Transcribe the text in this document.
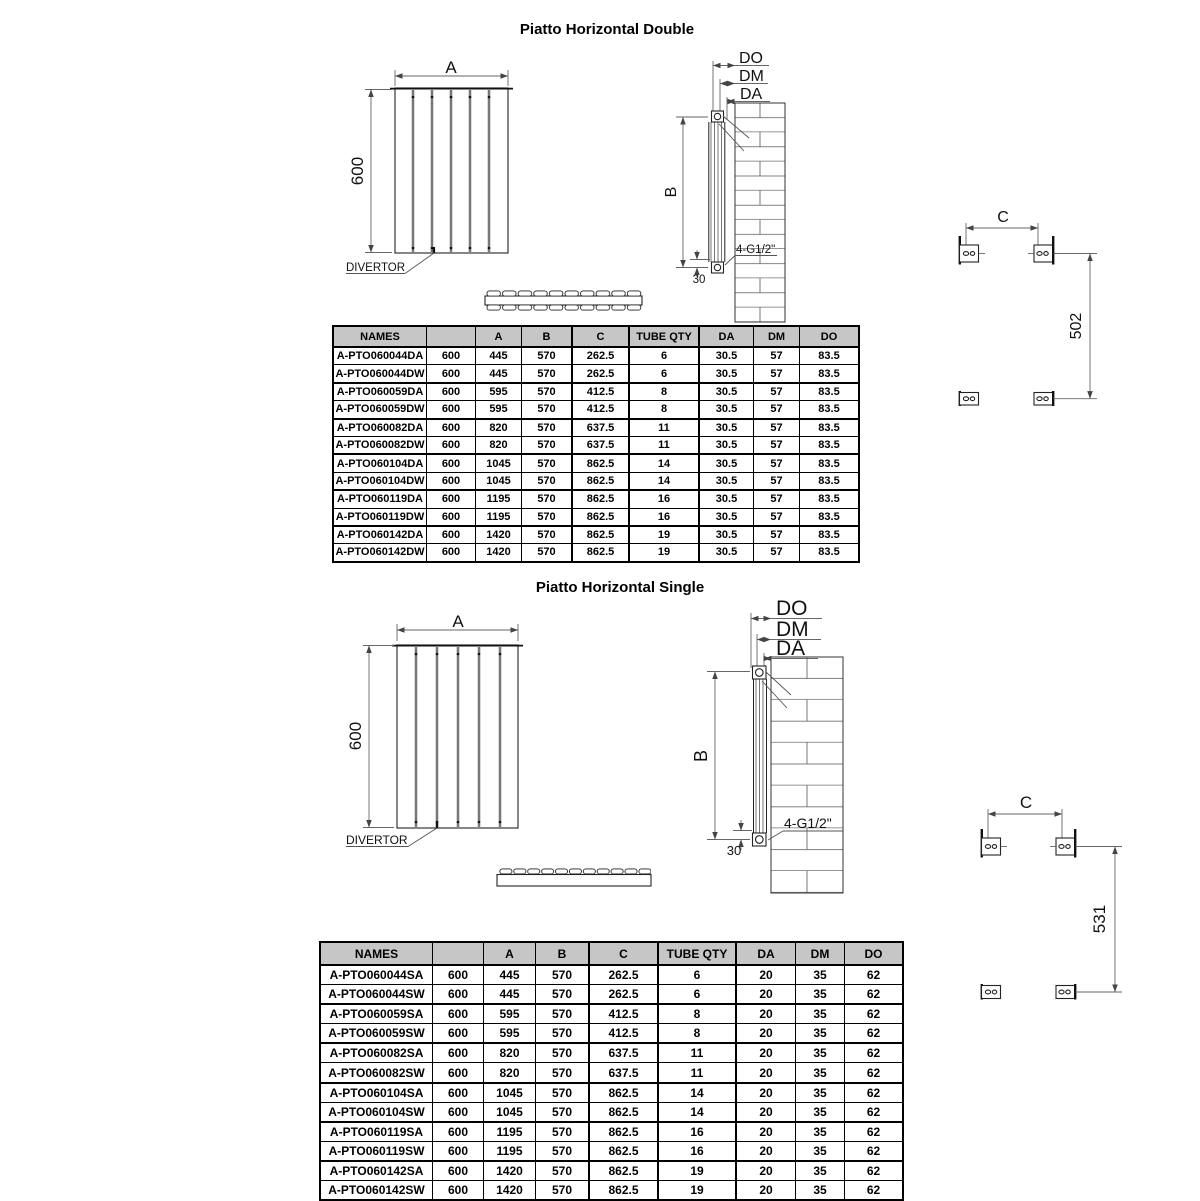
Piatto Horizontal Double
A
600
DIVERTOR
DO
DM
DA
B
30
4-G1/2"
C
502
NAMES		A	B	C	TUBE QTY	DA	DM	DO
A-PTO060044DA	600	445	570	262.5	6	30.5	57	83.5
A-PTO060044DW	600	445	570	262.5	6	30.5	57	83.5
A-PTO060059DA	600	595	570	412.5	8	30.5	57	83.5
A-PTO060059DW	600	595	570	412.5	8	30.5	57	83.5
A-PTO060082DA	600	820	570	637.5	11	30.5	57	83.5
A-PTO060082DW	600	820	570	637.5	11	30.5	57	83.5
A-PTO060104DA	600	1045	570	862.5	14	30.5	57	83.5
A-PTO060104DW	600	1045	570	862.5	14	30.5	57	83.5
A-PTO060119DA	600	1195	570	862.5	16	30.5	57	83.5
A-PTO060119DW	600	1195	570	862.5	16	30.5	57	83.5
A-PTO060142DA	600	1420	570	862.5	19	30.5	57	83.5
A-PTO060142DW	600	1420	570	862.5	19	30.5	57	83.5
Piatto Horizontal Single
A
600
DIVERTOR
DO
DM
DA
B
30
4-G1/2"
C
531
NAMES		A	B	C	TUBE QTY	DA	DM	DO
A-PTO060044SA	600	445	570	262.5	6	20	35	62
A-PTO060044SW	600	445	570	262.5	6	20	35	62
A-PTO060059SA	600	595	570	412.5	8	20	35	62
A-PTO060059SW	600	595	570	412.5	8	20	35	62
A-PTO060082SA	600	820	570	637.5	11	20	35	62
A-PTO060082SW	600	820	570	637.5	11	20	35	62
A-PTO060104SA	600	1045	570	862.5	14	20	35	62
A-PTO060104SW	600	1045	570	862.5	14	20	35	62
A-PTO060119SA	600	1195	570	862.5	16	20	35	62
A-PTO060119SW	600	1195	570	862.5	16	20	35	62
A-PTO060142SA	600	1420	570	862.5	19	20	35	62
A-PTO060142SW	600	1420	570	862.5	19	20	35	62
